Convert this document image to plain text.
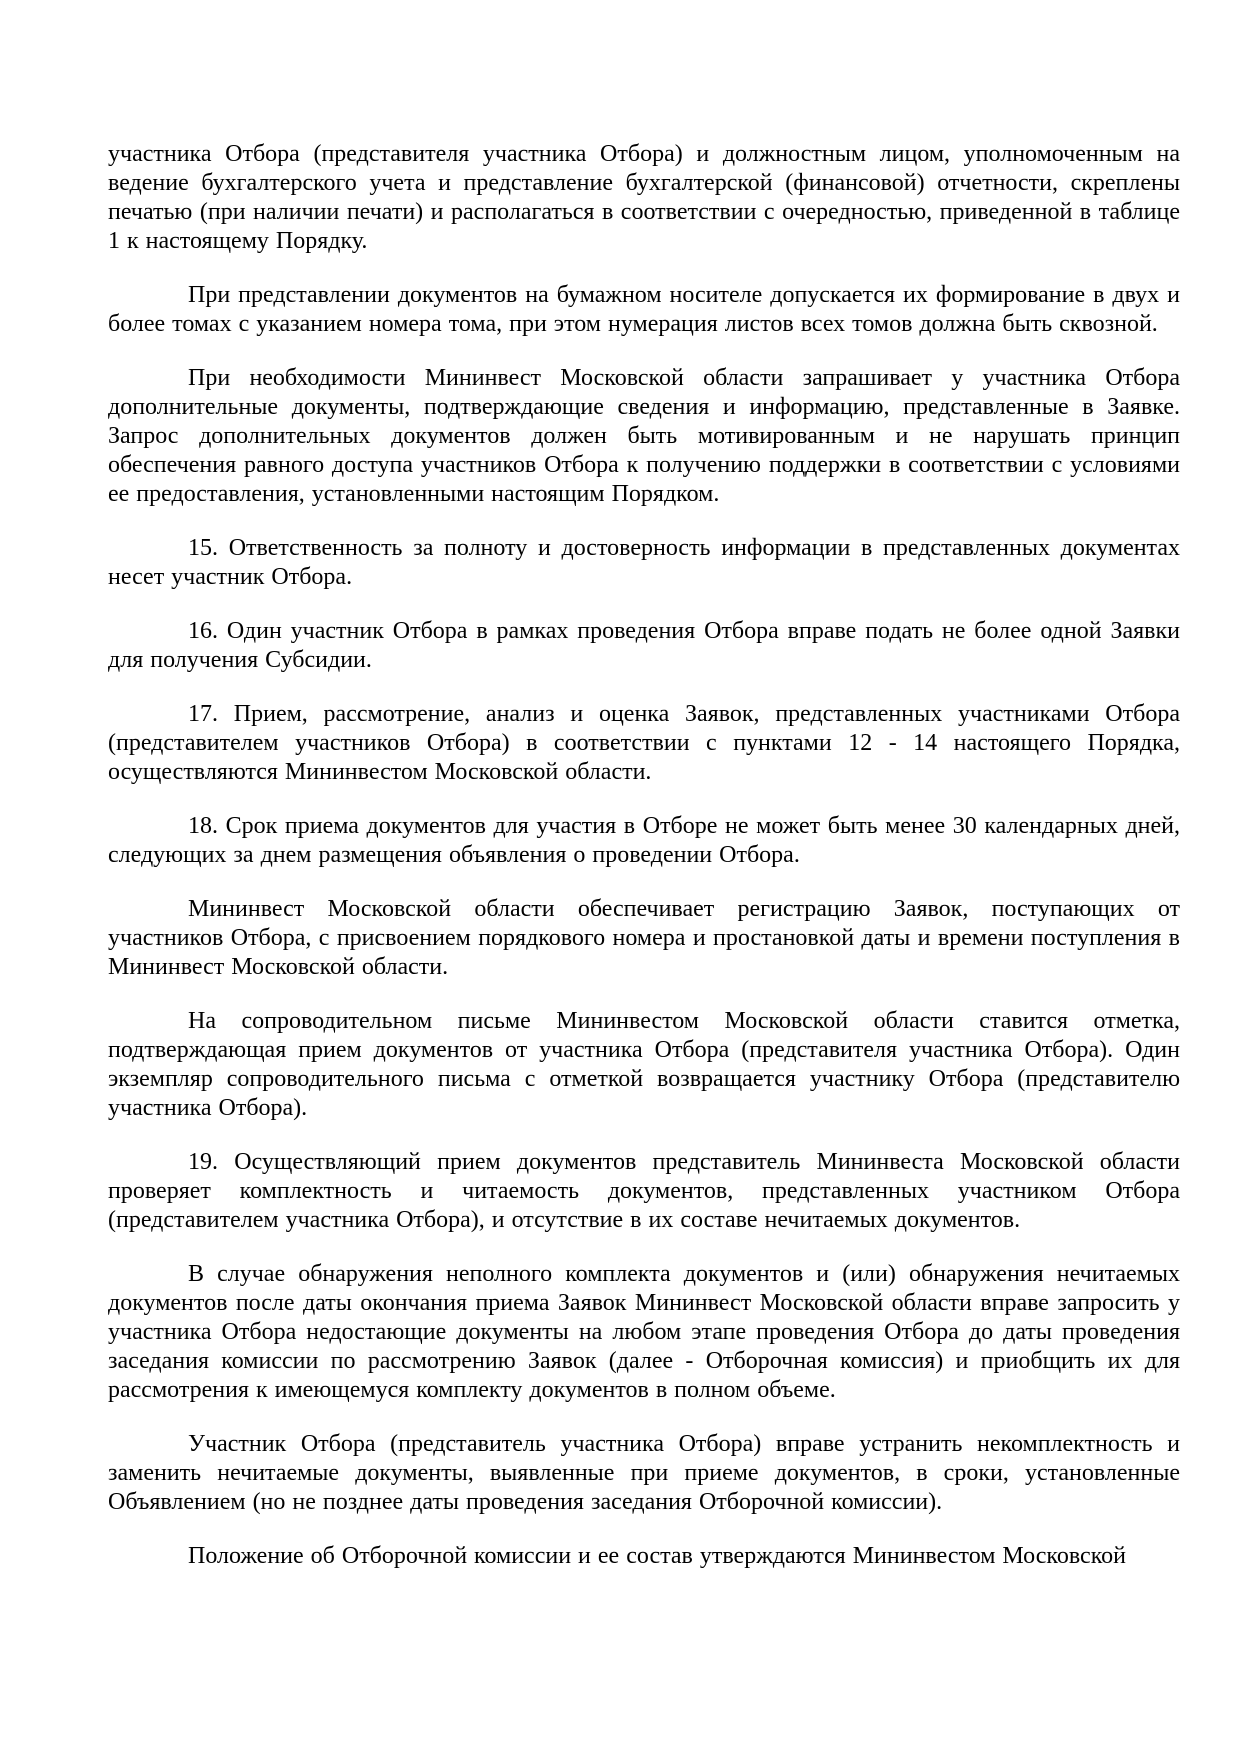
участника Отбора (представителя участника Отбора) и должностным лицом, уполномоченным на ведение бухгалтерского учета и представление бухгалтерской (финансовой) отчетности, скреплены печатью (при наличии печати) и располагаться в соответствии с очередностью, приведенной в таблице 1 к настоящему Порядку.

При представлении документов на бумажном носителе допускается их формирование в двух и более томах с указанием номера тома, при этом нумерация листов всех томов должна быть сквозной.

При необходимости Мининвест Московской области запрашивает у участника Отбора дополнительные документы, подтверждающие сведения и информацию, представленные в Заявке. Запрос дополнительных документов должен быть мотивированным и не нарушать принцип обеспечения равного доступа участников Отбора к получению поддержки в соответствии с условиями ее предоставления, установленными настоящим Порядком.

15. Ответственность за полноту и достоверность информации в представленных документах несет участник Отбора.

16. Один участник Отбора в рамках проведения Отбора вправе подать не более одной Заявки для получения Субсидии.

17. Прием, рассмотрение, анализ и оценка Заявок, представленных участниками Отбора (представителем участников Отбора) в соответствии с пунктами 12 - 14 настоящего Порядка, осуществляются Мининвестом Московской области.

18. Срок приема документов для участия в Отборе не может быть менее 30 календарных дней, следующих за днем размещения объявления о проведении Отбора.

Мининвест Московской области обеспечивает регистрацию Заявок, поступающих от участников Отбора, с присвоением порядкового номера и простановкой даты и времени поступления в Мининвест Московской области.

На сопроводительном письме Мининвестом Московской области ставится отметка, подтверждающая прием документов от участника Отбора (представителя участника Отбора). Один экземпляр сопроводительного письма с отметкой возвращается участнику Отбора (представителю участника Отбора).

19. Осуществляющий прием документов представитель Мининвеста Московской области проверяет комплектность и читаемость документов, представленных участником Отбора (представителем участника Отбора), и отсутствие в их составе нечитаемых документов.

В случае обнаружения неполного комплекта документов и (или) обнаружения нечитаемых документов после даты окончания приема Заявок Мининвест Московской области вправе запросить у участника Отбора недостающие документы на любом этапе проведения Отбора до даты проведения заседания комиссии по рассмотрению Заявок (далее - Отборочная комиссия) и приобщить их для рассмотрения к имеющемуся комплекту документов в полном объеме.

Участник Отбора (представитель участника Отбора) вправе устранить некомплектность и заменить нечитаемые документы, выявленные при приеме документов, в сроки, установленные Объявлением (но не позднее даты проведения заседания Отборочной комиссии).

Положение об Отборочной комиссии и ее состав утверждаются Мининвестом Московской
